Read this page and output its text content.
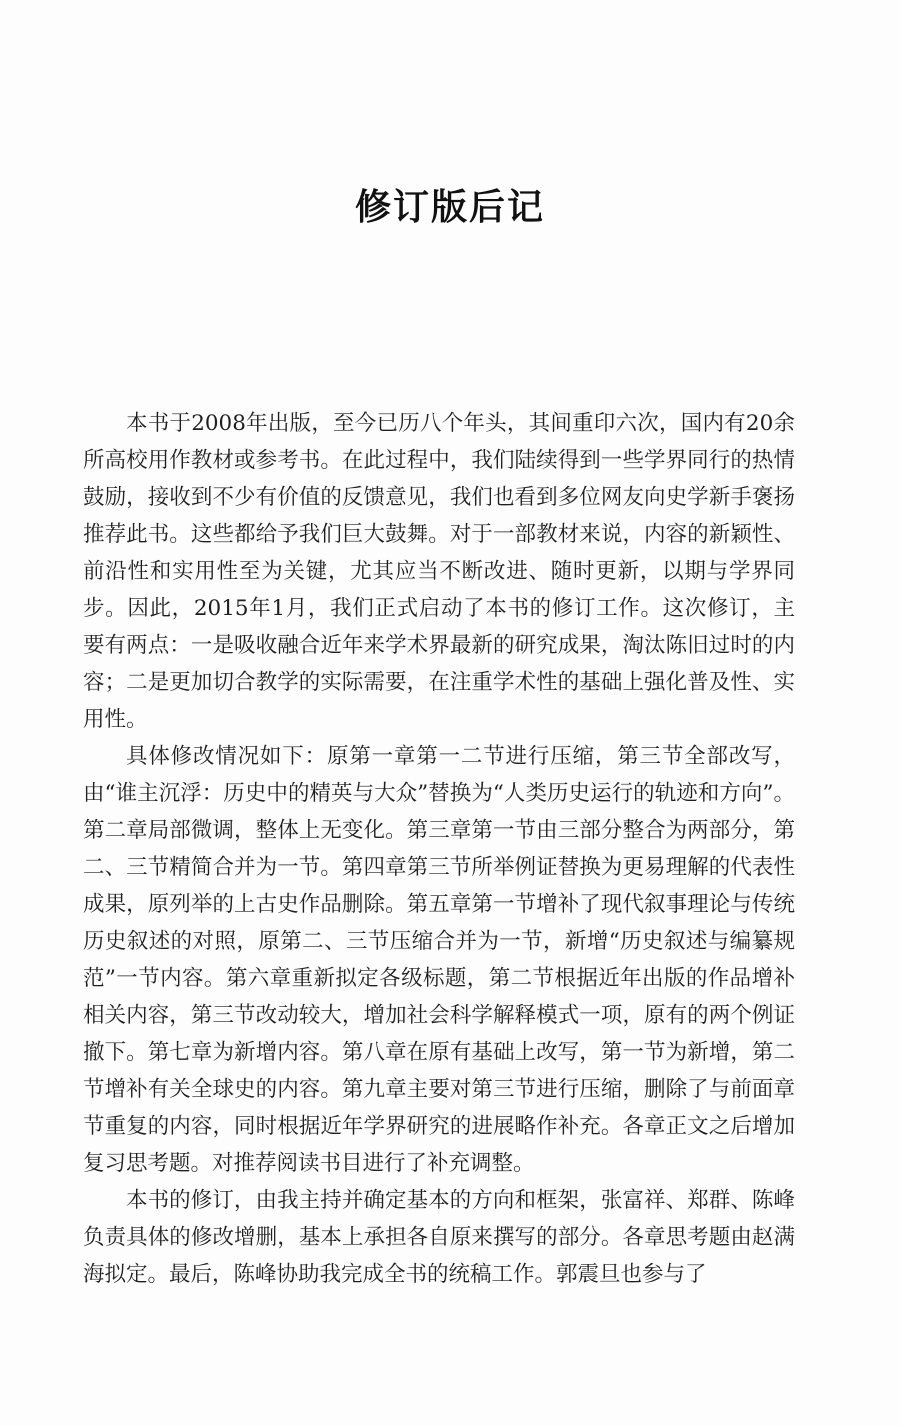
修订版后记

本书于2008年出版，至今已历八个年头，其间重印六次，国内有20余所高校用作教材或参考书。在此过程中，我们陆续得到一些学界同行的热情鼓励，接收到不少有价值的反馈意见，我们也看到多位网友向史学新手褒扬推荐此书。这些都给予我们巨大鼓舞。对于一部教材来说，内容的新颖性、前沿性和实用性至为关键，尤其应当不断改进、随时更新，以期与学界同步。因此，2015年1月，我们正式启动了本书的修订工作。这次修订，主要有两点：一是吸收融合近年来学术界最新的研究成果，淘汰陈旧过时的内容；二是更加切合教学的实际需要，在注重学术性的基础上强化普及性、实用性。

具体修改情况如下：原第一章第一二节进行压缩，第三节全部改写，由“谁主沉浮：历史中的精英与大众”替换为“人类历史运行的轨迹和方向”。第二章局部微调，整体上无变化。第三章第一节由三部分整合为两部分，第二、三节精简合并为一节。第四章第三节所举例证替换为更易理解的代表性成果，原列举的上古史作品删除。第五章第一节增补了现代叙事理论与传统历史叙述的对照，原第二、三节压缩合并为一节，新增“历史叙述与编纂规范”一节内容。第六章重新拟定各级标题，第二节根据近年出版的作品增补相关内容，第三节改动较大，增加社会科学解释模式一项，原有的两个例证撤下。第七章为新增内容。第八章在原有基础上改写，第一节为新增，第二节增补有关全球史的内容。第九章主要对第三节进行压缩，删除了与前面章节重复的内容，同时根据近年学界研究的进展略作补充。各章正文之后增加复习思考题。对推荐阅读书目进行了补充调整。

本书的修订，由我主持并确定基本的方向和框架，张富祥、郑群、陈峰负责具体的修改增删，基本上承担各自原来撰写的部分。各章思考题由赵满海拟定。最后，陈峰协助我完成全书的统稿工作。郭震旦也参与了
